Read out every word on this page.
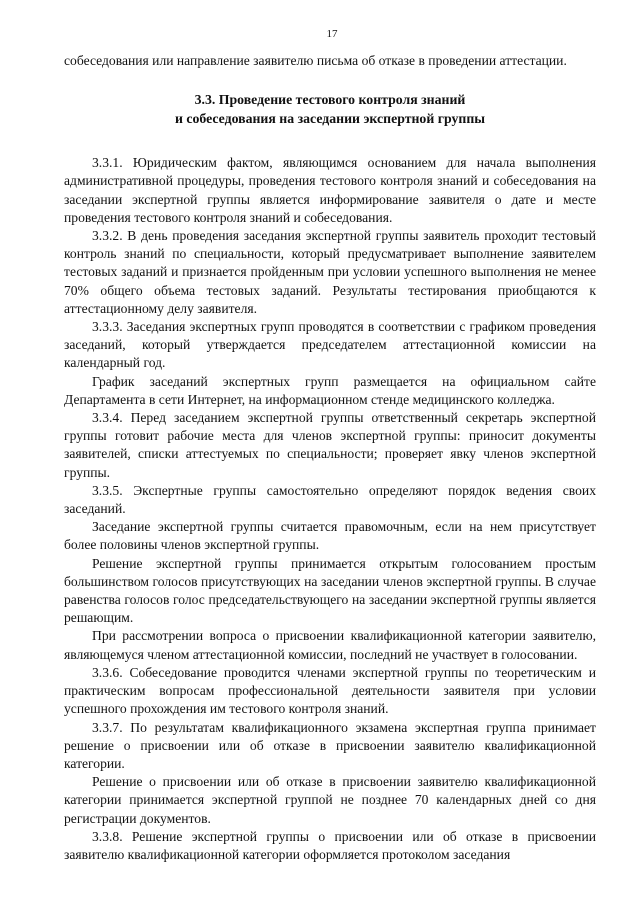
17

собеседования или направление заявителю письма об отказе в проведении аттестации.

3.3. Проведение тестового контроля знаний
и собеседования на заседании экспертной группы

3.3.1. Юридическим фактом, являющимся основанием для начала выполнения административной процедуры, проведения тестового контроля знаний и собеседования на заседании экспертной группы является информирование заявителя о дате и месте проведения тестового контроля знаний и собеседования.

3.3.2. В день проведения заседания экспертной группы заявитель проходит тестовый контроль знаний по специальности, который предусматривает выполнение заявителем тестовых заданий и признается пройденным при условии успешного выполнения не менее 70% общего объема тестовых заданий. Результаты тестирования приобщаются к аттестационному делу заявителя.

3.3.3. Заседания экспертных групп проводятся в соответствии с графиком проведения заседаний, который утверждается председателем аттестационной комиссии на календарный год.

График заседаний экспертных групп размещается на официальном сайте Департамента в сети Интернет, на информационном стенде медицинского колледжа.

3.3.4. Перед заседанием экспертной группы ответственный секретарь экспертной группы готовит рабочие места для членов экспертной группы: приносит документы заявителей, списки аттестуемых по специальности; проверяет явку членов экспертной группы.

3.3.5. Экспертные группы самостоятельно определяют порядок ведения своих заседаний.

Заседание экспертной группы считается правомочным, если на нем присутствует более половины членов экспертной группы.

Решение экспертной группы принимается открытым голосованием простым большинством голосов присутствующих на заседании членов экспертной группы. В случае равенства голосов голос председательствующего на заседании экспертной группы является решающим.

При рассмотрении вопроса о присвоении квалификационной категории заявителю, являющемуся членом аттестационной комиссии, последний не участвует в голосовании.

3.3.6. Собеседование проводится членами экспертной группы по теоретическим и практическим вопросам профессиональной деятельности заявителя при условии успешного прохождения им тестового контроля знаний.

3.3.7. По результатам квалификационного экзамена экспертная группа принимает решение о присвоении или об отказе в присвоении заявителю квалификационной категории.

Решение о присвоении или об отказе в присвоении заявителю квалификационной категории принимается экспертной группой не позднее 70 календарных дней со дня регистрации документов.

3.3.8. Решение экспертной группы о присвоении или об отказе в присвоении заявителю квалификационной категории оформляется протоколом заседания
